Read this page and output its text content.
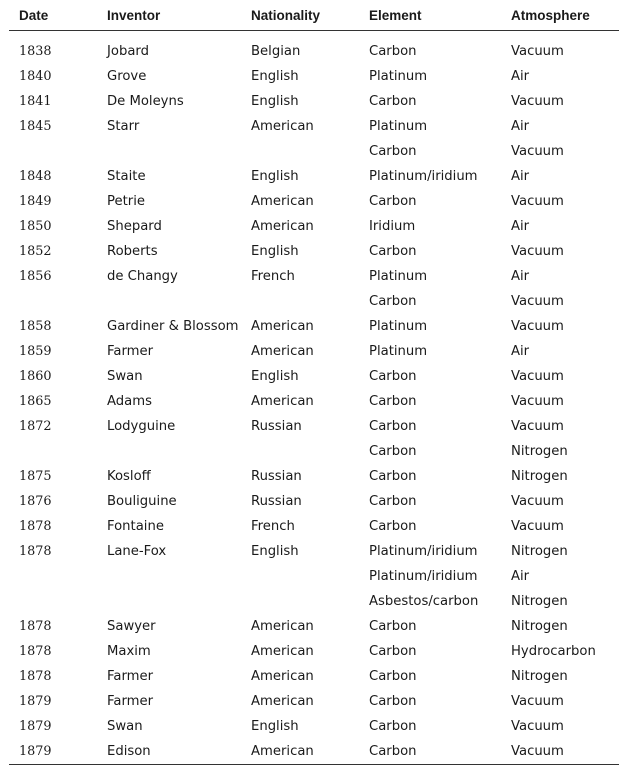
Date	Inventor	Nationality	Element	Atmosphere
1838	Jobard	Belgian	Carbon	Vacuum
1840	Grove	English	Platinum	Air
1841	De Moleyns	English	Carbon	Vacuum
1845	Starr	American	Platinum	Air
			Carbon	Vacuum
1848	Staite	English	Platinum/iridium	Air
1849	Petrie	American	Carbon	Vacuum
1850	Shepard	American	Iridium	Air
1852	Roberts	English	Carbon	Vacuum
1856	de Changy	French	Platinum	Air
			Carbon	Vacuum
1858	Gardiner & Blossom	American	Platinum	Vacuum
1859	Farmer	American	Platinum	Air
1860	Swan	English	Carbon	Vacuum
1865	Adams	American	Carbon	Vacuum
1872	Lodyguine	Russian	Carbon	Vacuum
			Carbon	Nitrogen
1875	Kosloff	Russian	Carbon	Nitrogen
1876	Bouliguine	Russian	Carbon	Vacuum
1878	Fontaine	French	Carbon	Vacuum
1878	Lane-Fox	English	Platinum/iridium	Nitrogen
			Platinum/iridium	Air
			Asbestos/carbon	Nitrogen
1878	Sawyer	American	Carbon	Nitrogen
1878	Maxim	American	Carbon	Hydrocarbon
1878	Farmer	American	Carbon	Nitrogen
1879	Farmer	American	Carbon	Vacuum
1879	Swan	English	Carbon	Vacuum
1879	Edison	American	Carbon	Vacuum
